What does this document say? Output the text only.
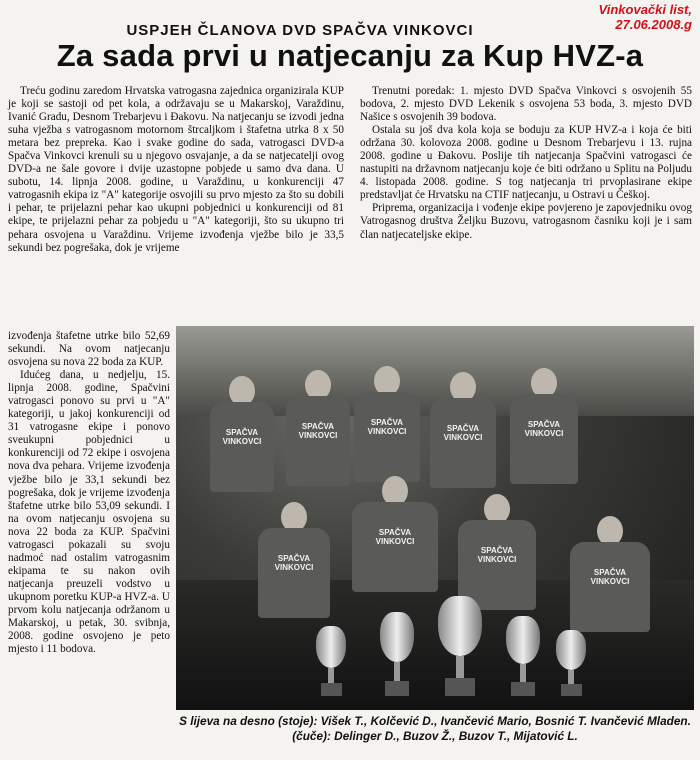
Vinkovački list,
27.06.2008.g
USPJEH ČLANOVA DVD SPAČVA VINKOVCI
Za sada prvi u natjecanju za Kup HVZ-a

Treću godinu zaredom Hrvatska vatrogasna zajednica organizirala KUP je koji se sastoji od pet kola, a održavaju se u Makarskoj, Varaždinu, Ivanić Gradu, Desnom Trebarjevu i Đakovu. Na natjecanju se izvodi jedna suha vježba s vatrogasnom motornom štrcaljkom i štafetna utrka 8 x 50 metara bez prepreka. Kao i svake godine do sada, vatrogasci DVD-a Spačva Vinkovci krenuli su u njegovo osvajanje, a da se natjecatelji ovog DVD-a ne šale govore i dvije uzastopne pobjede u samo dva dana. U subotu, 14. lipnja 2008. godine, u Varaždinu, u konkurenciji 47 vatrogasnih ekipa iz "A" kategorije osvojili su prvo mjesto za što su dobili i pehar, te prijelazni pehar kao ukupni pobjednici u konkurenciji od 81 ekipe, te prijelazni pehar za pobjedu u "A" kategoriji, što su ukupno tri pehara osvojena u Varaždinu. Vrijeme izvođenja vježbe bilo je 33,5 sekundi bez pogrešaka, dok je vrijeme

izvođenja štafetne utrke bilo 52,69 sekundi. Na ovom natjecanju osvojena su nova 22 boda za KUP.

Idućeg dana, u nedjelju, 15. lipnja 2008. godine, Spačvini vatrogasci ponovo su prvi u "A" kategoriji, u jakoj konkurenciji od 31 vatrogasne ekipe i ponovo sveukupni pobjednici u konkurenciji od 72 ekipe i osvojena nova dva pehara. Vrijeme izvođenja vježbe bilo je 33,1 sekundi bez pogrešaka, dok je vrijeme izvođenja štafetne utrke bilo 53,09 sekundi. I na ovom natjecanju osvojena su nova 22 boda za KUP. Spačvini vatrogasci pokazali su svoju nadmoć nad ostalim vatrogasnim ekipama te su nakon ovih natjecanja preuzeli vodstvo u ukupnom poretku KUP-a HVZ-a. U prvom kolu natjecanja održanom u Makarskoj, u petak, 30. svibnja, 2008. godine osvojeno je peto mjesto i 11 bodova.

Trenutni poredak: 1. mjesto DVD Spačva Vinkovci s osvojenih 55 bodova, 2. mjesto DVD Lekenik s osvojena 53 boda, 3. mjesto DVD Našice s osvojenih 39 bodova.

Ostala su još dva kola koja se boduju za KUP HVZ-a i koja će biti održana 30. kolovoza 2008. godine u Desnom Trebarjevu i 13. rujna 2008. godine u Đakovu. Poslije tih natjecanja Spačvini vatrogasci će nastupiti na državnom natjecanju koje će biti održano u Splitu na Poljudu 4. listopada 2008. godine. S tog natjecanja tri prvoplasirane ekipe predstavljat će Hrvatsku na CTIF natjecanju, u Ostravi u Češkoj.

Priprema, organizacija i vođenje ekipe povjereno je zapovjedniku ovog Vatrogasnog društva Željku Buzovu, vatrogasnom časniku koji je i sam član natjecateljske ekipe.

SPAČVA
VINKOVCI
SPAČVA
VINKOVCI
SPAČVA
VINKOVCI	SPAČVA
VINKOVCI
SPAČVA
VINKOVCI
SPAČVA
VINKOVCI
SPAČVA
VINKOVCI
SPAČVA
VINKOVCI
SPAČVA
VINKOVCI
S lijeva na desno (stoje): Višek T., Kolčević D., Ivančević Mario, Bosnić T. Ivančević Mladen. (čuče): Delinger D., Buzov Ž., Buzov T., Mijatović L.
